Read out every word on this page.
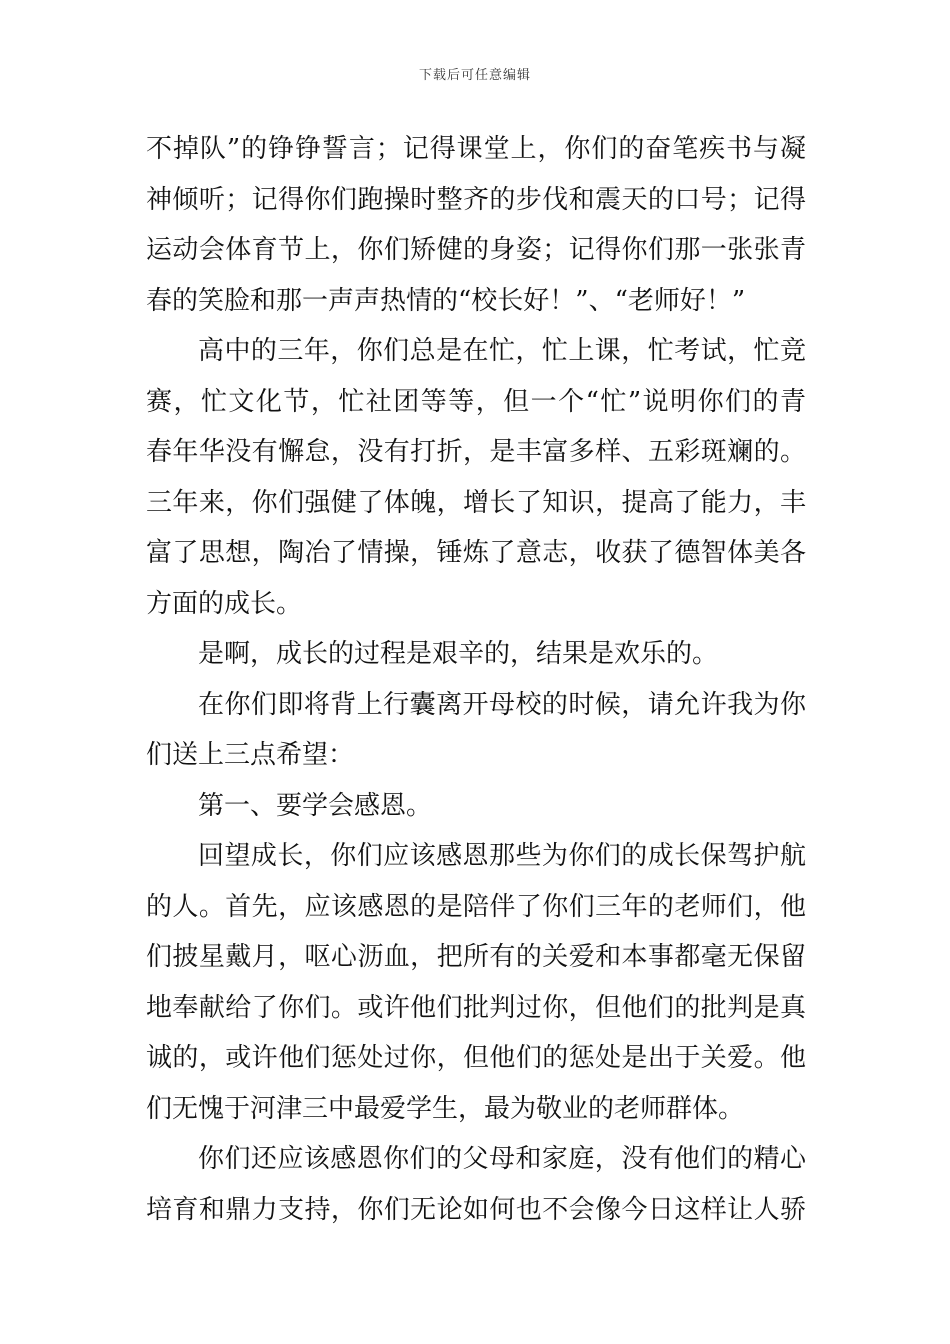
下载后可任意编辑
不掉队”的铮铮誓言；记得课堂上，你们的奋笔疾书与凝
神倾听；记得你们跑操时整齐的步伐和震天的口号；记得
运动会体育节上，你们矫健的身姿；记得你们那一张张青
春的笑脸和那一声声热情的“校长好！”、“老师好！”
高中的三年，你们总是在忙，忙上课，忙考试，忙竞
赛，忙文化节，忙社团等等，但一个“忙”说明你们的青
春年华没有懈怠，没有打折，是丰富多样、五彩斑斓的。
三年来，你们强健了体魄，增长了知识，提高了能力，丰
富了思想，陶冶了情操，锤炼了意志，收获了德智体美各
方面的成长。
是啊，成长的过程是艰辛的，结果是欢乐的。
在你们即将背上行囊离开母校的时候，请允许我为你
们送上三点希望：
第一、要学会感恩。
回望成长，你们应该感恩那些为你们的成长保驾护航
的人。首先，应该感恩的是陪伴了你们三年的老师们，他
们披星戴月，呕心沥血，把所有的关爱和本事都毫无保留
地奉献给了你们。或许他们批判过你，但他们的批判是真
诚的，或许他们惩处过你，但他们的惩处是出于关爱。他
们无愧于河津三中最爱学生，最为敬业的老师群体。
你们还应该感恩你们的父母和家庭，没有他们的精心
培育和鼎力支持，你们无论如何也不会像今日这样让人骄
